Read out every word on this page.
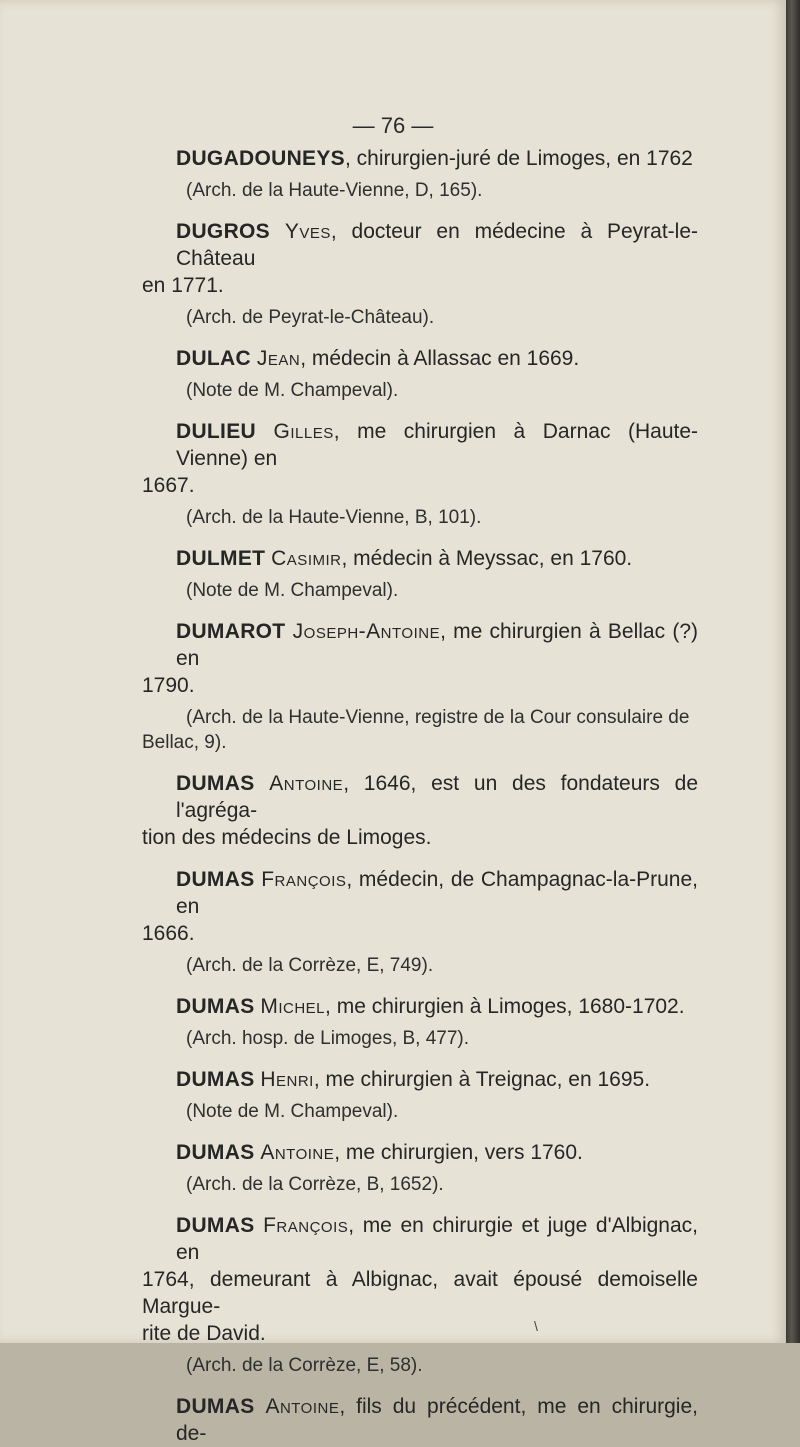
— 76 —

DUGADOUNEYS, chirurgien-juré de Limoges, en 1762

(Arch. de la Haute-Vienne, D, 165).

DUGROS Yves, docteur en médecine à Peyrat-le-Château

en 1771.

(Arch. de Peyrat-le-Château).

DULAC Jean, médecin à Allassac en 1669.

(Note de M. Champeval).

DULIEU Gilles, me chirurgien à Darnac (Haute-Vienne) en

1667.

(Arch. de la Haute-Vienne, B, 101).

DULMET Casimir, médecin à Meyssac, en 1760.

(Note de M. Champeval).

DUMAROT Joseph-Antoine, me chirurgien à Bellac (?) en

1790.

(Arch. de la Haute-Vienne, registre de la Cour consulaire de

Bellac, 9).

DUMAS Antoine, 1646, est un des fondateurs de l'agréga-

tion des médecins de Limoges.

DUMAS François, médecin, de Champagnac-la-Prune, en

1666.

(Arch. de la Corrèze, E, 749).

DUMAS Michel, me chirurgien à Limoges, 1680-1702.

(Arch. hosp. de Limoges, B, 477).

DUMAS Henri, me chirurgien à Treignac, en 1695.

(Note de M. Champeval).

DUMAS Antoine, me chirurgien, vers 1760.

(Arch. de la Corrèze, B, 1652).

DUMAS François, me en chirurgie et juge d'Albignac, en

1764, demeurant à Albignac, avait épousé demoiselle Margue-

rite de David.

(Arch. de la Corrèze, E, 58).

DUMAS Antoine, fils du précédent, me en chirurgie, de-

\
